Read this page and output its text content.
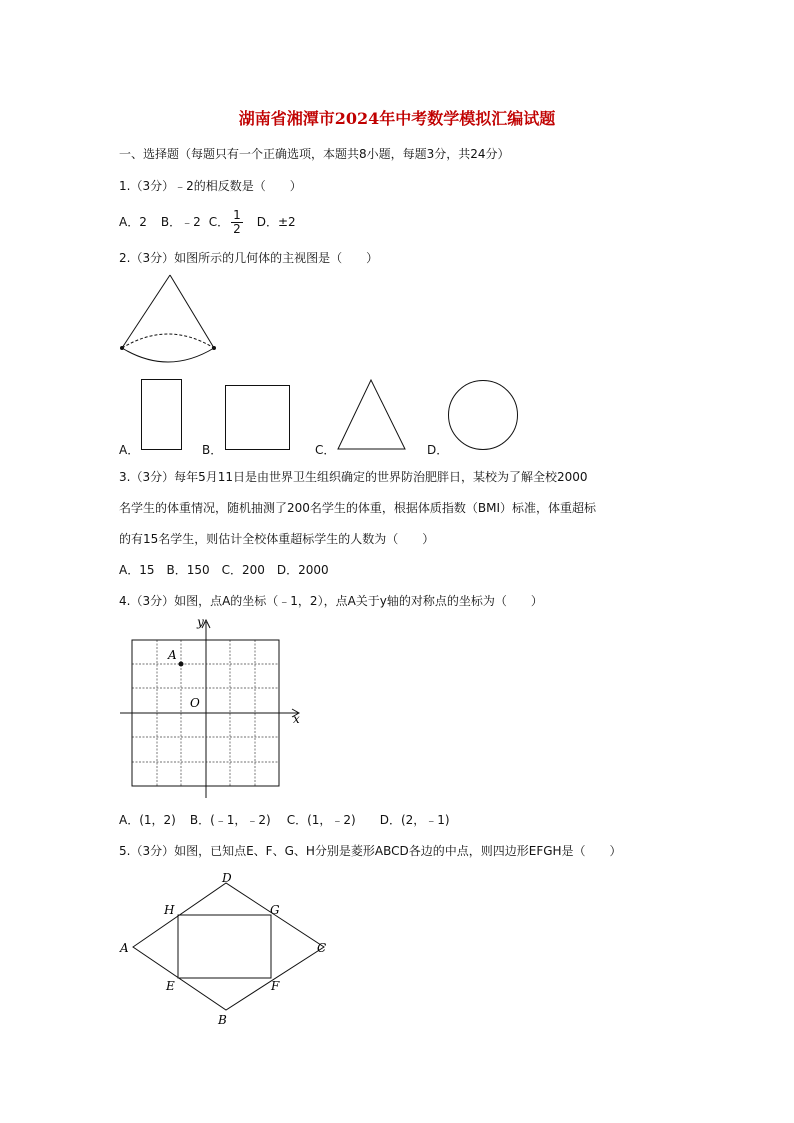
湖南省湘潭市2024年中考数学模拟汇编试题
一、选择题（每题只有一个正确选项，本题共8小题，每题3分，共24分）
1.（3分）﹣2的相反数是（　　）
A．2 B．﹣2 C． $\frac{1}{2}$ D．±2
2.（3分）如图所示的几何体的主视图是（　　）
A．	B．	C．	D．
3.（3分）每年5月11日是由世界卫生组织确定的世界防治肥胖日，某校为了解全校2000
名学生的体重情况，随机抽测了200名学生的体重，根据体质指数（BMI）标准，体重超标
的有15名学生，则估计全校体重超标学生的人数为（　　）
A．15　B．150　C．200　D．2000
4.（3分）如图，点A的坐标（﹣1，2），点A关于y轴的对称点的坐标为（　　）
y
x
O
A
A．(1，2) B．(﹣1，﹣2) C．(1，﹣2) D．(2，﹣1)
5.（3分）如图，已知点E、F、G、H分别是菱形ABCD各边的中点，则四边形EFGH是（　　）
A
B
C
D
E	F
G
H
